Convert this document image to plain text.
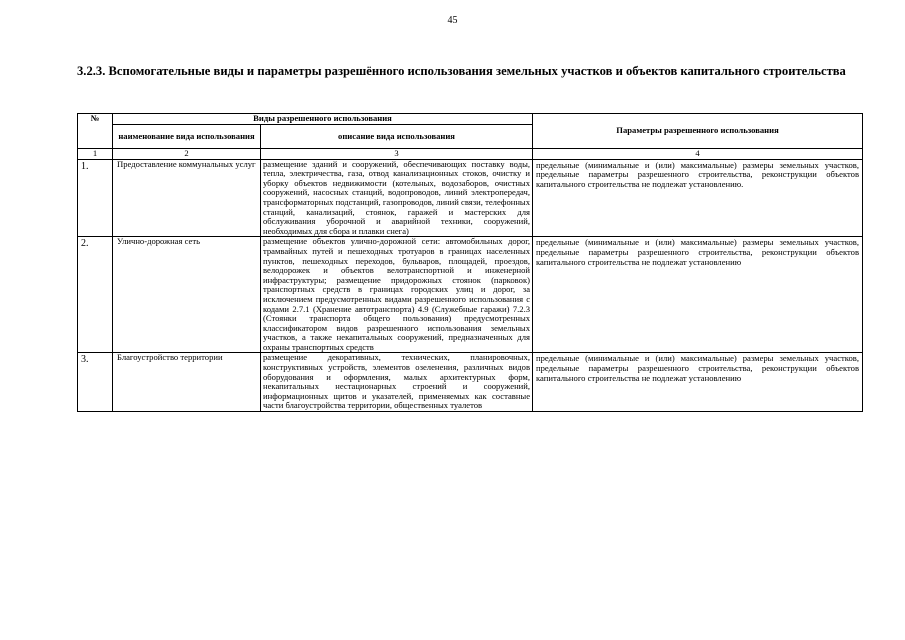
45
3.2.3. Вспомогательные виды и параметры разрешённого использования земельных участков и объектов капитального строительства
№	Виды разрешенного использования		Параметры разрешенного использования
	наименование вида использования	описание вида использования	
1	2	3	4
1.	Предоставление коммунальных услуг	размещение зданий и сооружений, обеспечивающих поставку воды, тепла, электричества, газа, отвод канализационных стоков, очистку и уборку объектов недвижимости (котельных, водозаборов, очистных сооружений, насосных станций, водопроводов, линий электропередач, трансформаторных подстанций, газопроводов, линий связи, телефонных станций, канализаций, стоянок, гаражей и мастерских для обслуживания уборочной и аварийной техники, сооружений, необходимых для сбора и плавки снега)	предельные (минимальные и (или) максимальные) размеры земельных участков, предельные параметры разрешенного строительства, реконструкции объектов капитального строительства не подлежат установлению.
2.	Улично-дорожная сеть	размещение объектов улично-дорожной сети: автомобильных дорог, трамвайных путей и пешеходных тротуаров в границах населенных пунктов, пешеходных переходов, бульваров, площадей, проездов, велодорожек и объектов велотранспортной и инженерной инфраструктуры; размещение придорожных стоянок (парковок) транспортных средств в границах городских улиц и дорог, за исключением предусмотренных видами разрешенного использования с кодами 2.7.1 (Хранение автотранспорта) 4.9 (Служебные гаражи) 7.2.3 (Стоянки транспорта общего пользования) предусмотренных классификатором видов разрешенного использования земельных участков, а также некапитальных сооружений, предназначенных для охраны транспортных средств	предельные (минимальные и (или) максимальные) размеры земельных участков, предельные параметры разрешенного строительства, реконструкции объектов капитального строительства не подлежат установлению
3.	Благоустройство территории	размещение декоративных, технических, планировочных, конструктивных устройств, элементов озеленения, различных видов оборудования и оформления, малых архитектурных форм, некапитальных нестационарных строений и сооружений, информационных щитов и указателей, применяемых как составные части благоустройства территории, общественных туалетов	предельные (минимальные и (или) максимальные) размеры земельных участков, предельные параметры разрешенного строительства, реконструкции объектов капитального строительства не подлежат установлению
